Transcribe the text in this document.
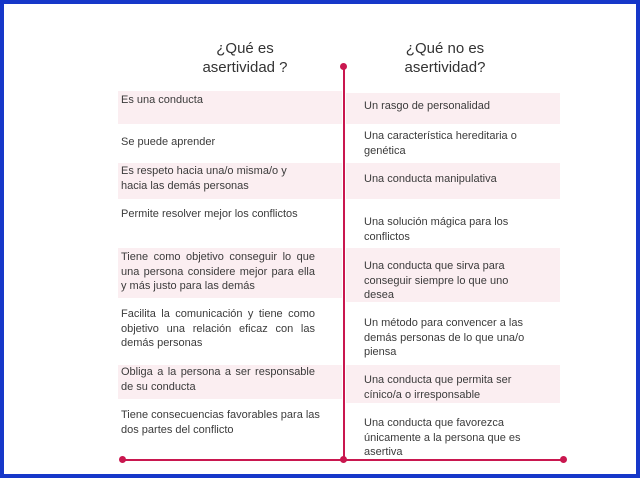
¿Qué es
asertividad ?
¿Qué no es
asertividad?
Es una conducta
Se puede aprender
Es respeto hacia una/o misma/o y hacia las demás personas
Permite resolver mejor los conflictos
Tiene como objetivo conseguir lo que una persona considere mejor para ella y más justo para las demás
Facilita la comunicación y tiene como objetivo una relación eficaz con las demás personas
Obliga a la persona a ser responsable de su conducta
Tiene consecuencias favorables para las dos partes del conflicto
Un rasgo de personalidad
Una característica hereditaria o genética
Una conducta manipulativa
Una solución mágica para los conflictos
Una conducta que sirva para conseguir siempre lo que uno desea
Un método para convencer a las demás personas de lo que una/o piensa
Una conducta que permita ser cínico/a o irresponsable
Una conducta que favorezca únicamente a la persona que es asertiva
